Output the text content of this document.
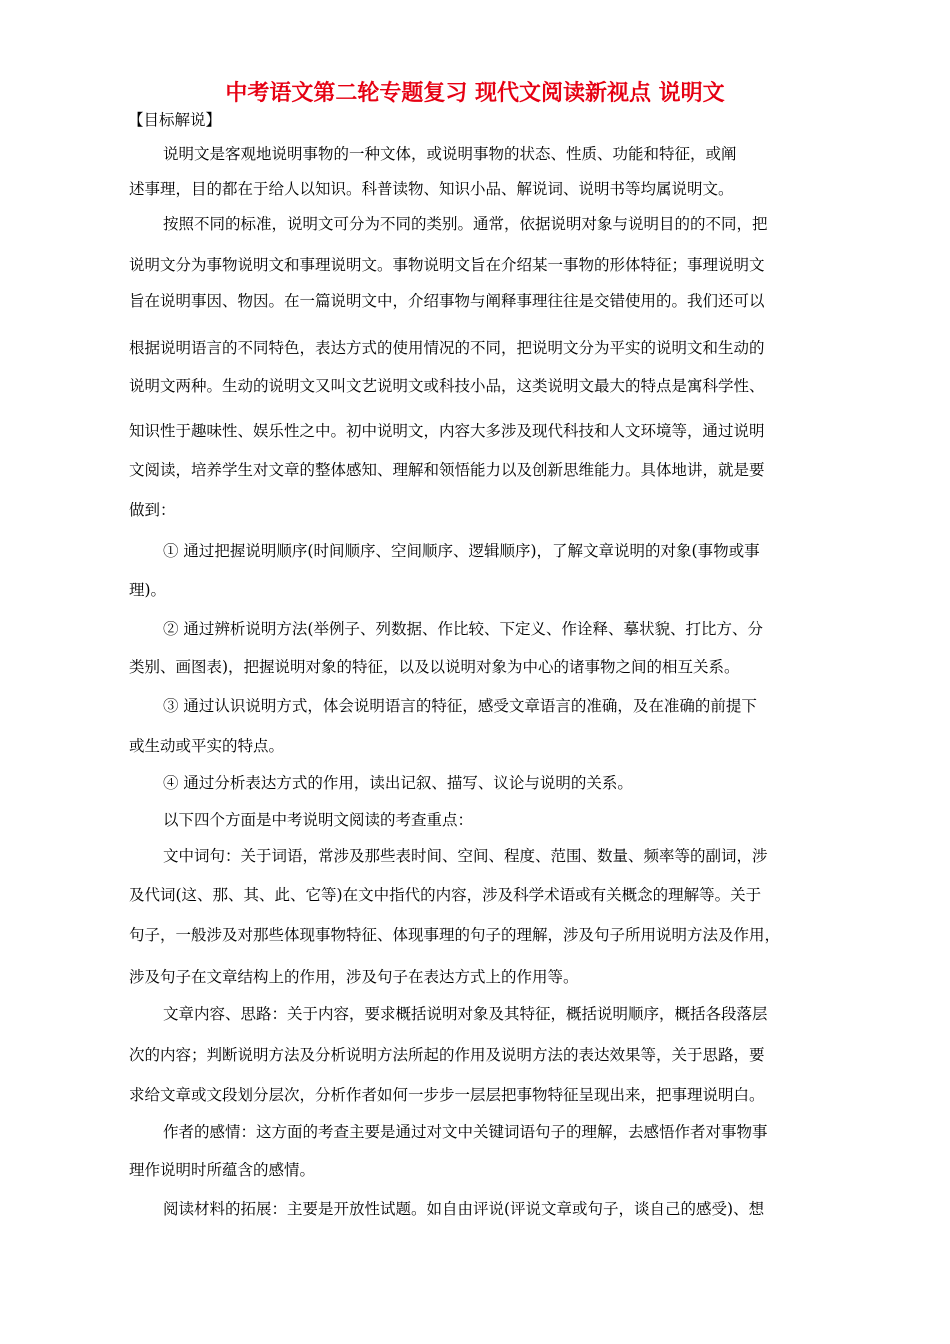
中考语文第二轮专题复习 现代文阅读新视点 说明文
【目标解说】
说明文是客观地说明事物的一种文体，或说明事物的状态、性质、功能和特征，或阐
述事理，目的都在于给人以知识。科普读物、知识小品、解说词、说明书等均属说明文。
按照不同的标准，说明文可分为不同的类别。通常，依据说明对象与说明目的的不同，把
说明文分为事物说明文和事理说明文。事物说明文旨在介绍某一事物的形体特征；事理说明文
旨在说明事因、物因。在一篇说明文中，介绍事物与阐释事理往往是交错使用的。我们还可以
根据说明语言的不同特色，表达方式的使用情况的不同，把说明文分为平实的说明文和生动的
说明文两种。生动的说明文又叫文艺说明文或科技小品，这类说明文最大的特点是寓科学性、
知识性于趣味性、娱乐性之中。初中说明文，内容大多涉及现代科技和人文环境等，通过说明
文阅读，培养学生对文章的整体感知、理解和领悟能力以及创新思维能力。具体地讲，就是要
做到：
① 通过把握说明顺序(时间顺序、空间顺序、逻辑顺序)，了解文章说明的对象(事物或事
理)。
② 通过辨析说明方法(举例子、列数据、作比较、下定义、作诠释、摹状貌、打比方、分
类别、画图表)，把握说明对象的特征，以及以说明对象为中心的诸事物之间的相互关系。
③ 通过认识说明方式，体会说明语言的特征，感受文章语言的准确，及在准确的前提下
或生动或平实的特点。
④ 通过分析表达方式的作用，读出记叙、描写、议论与说明的关系。
以下四个方面是中考说明文阅读的考查重点：
文中词句：关于词语，常涉及那些表时间、空间、程度、范围、数量、频率等的副词，涉
及代词(这、那、其、此、它等)在文中指代的内容，涉及科学术语或有关概念的理解等。关于
句子，一般涉及对那些体现事物特征、体现事理的句子的理解，涉及句子所用说明方法及作用，
涉及句子在文章结构上的作用，涉及句子在表达方式上的作用等。
文章内容、思路：关于内容，要求概括说明对象及其特征，概括说明顺序，概括各段落层
次的内容；判断说明方法及分析说明方法所起的作用及说明方法的表达效果等，关于思路，要
求给文章或文段划分层次，分析作者如何一步步一层层把事物特征呈现出来，把事理说明白。
作者的感情：这方面的考查主要是通过对文中关键词语句子的理解，去感悟作者对事物事
理作说明时所蕴含的感情。
阅读材料的拓展：主要是开放性试题。如自由评说(评说文章或句子，谈自己的感受)、想
